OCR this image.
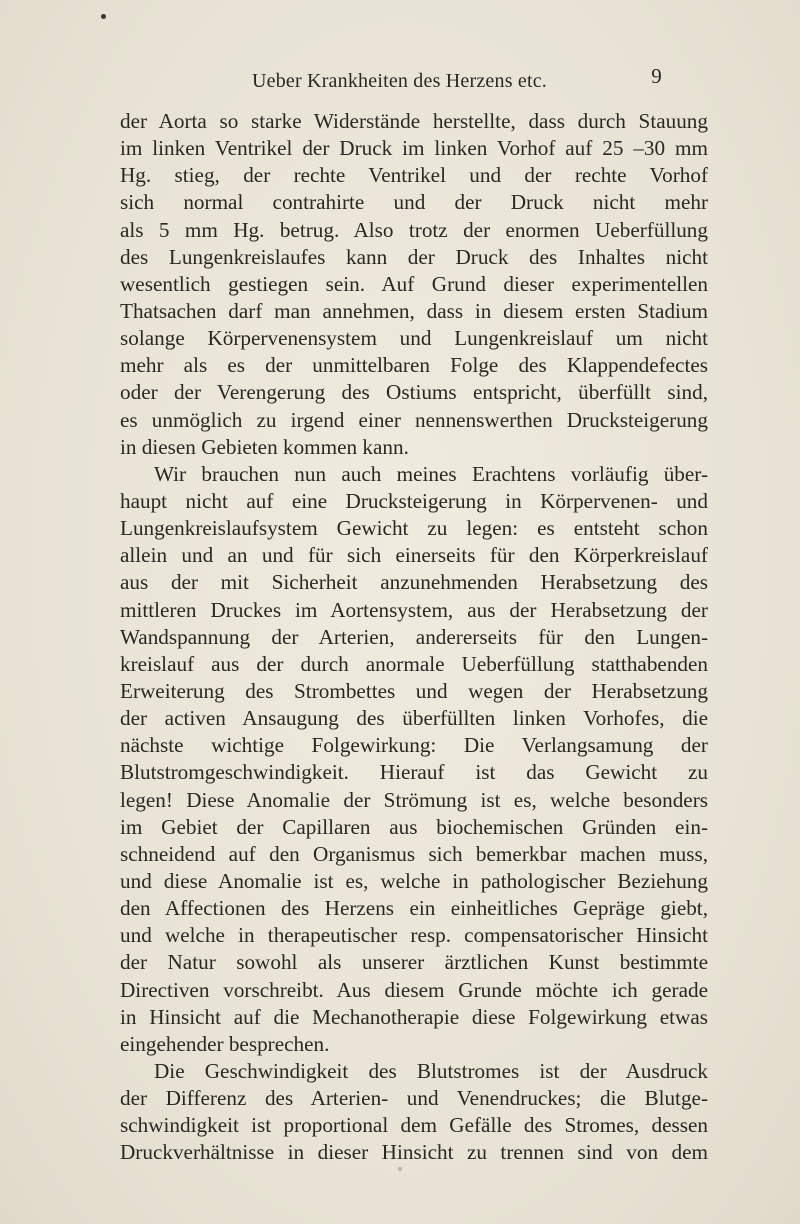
Ueber Krankheiten des Herzens etc.	9
der Aorta so starke Widerstände herstellte, dass durch Stauung
im linken Ventrikel der Druck im linken Vorhof auf 25 –30 mm
Hg. stieg, der rechte Ventrikel und der rechte Vorhof
sich normal contrahirte und der Druck nicht mehr
als 5 mm Hg. betrug. Also trotz der enormen Ueberfüllung
des Lungenkreislaufes kann der Druck des Inhaltes nicht
wesentlich gestiegen sein. Auf Grund dieser experimentellen
Thatsachen darf man annehmen, dass in diesem ersten Stadium
solange Körpervenensystem und Lungenkreislauf um nicht
mehr als es der unmittelbaren Folge des Klappendefectes
oder der Verengerung des Ostiums entspricht, überfüllt sind,
es unmöglich zu irgend einer nennenswerthen Drucksteigerung
in diesen Gebieten kommen kann.
Wir brauchen nun auch meines Erachtens vorläufig über-
haupt nicht auf eine Drucksteigerung in Körpervenen- und
Lungenkreislaufsystem Gewicht zu legen: es entsteht schon
allein und an und für sich einerseits für den Körperkreislauf
aus der mit Sicherheit anzunehmenden Herabsetzung des
mittleren Druckes im Aortensystem, aus der Herabsetzung der
Wandspannung der Arterien, andererseits für den Lungen-
kreislauf aus der durch anormale Ueberfüllung statthabenden
Erweiterung des Strombettes und wegen der Herabsetzung
der activen Ansaugung des überfüllten linken Vorhofes, die
nächste wichtige Folgewirkung: Die Verlangsamung der
Blutstromgeschwindigkeit. Hierauf ist das Gewicht zu
legen! Diese Anomalie der Strömung ist es, welche besonders
im Gebiet der Capillaren aus biochemischen Gründen ein-
schneidend auf den Organismus sich bemerkbar machen muss,
und diese Anomalie ist es, welche in pathologischer Beziehung
den Affectionen des Herzens ein einheitliches Gepräge giebt,
und welche in therapeutischer resp. compensatorischer Hinsicht
der Natur sowohl als unserer ärztlichen Kunst bestimmte
Directiven vorschreibt. Aus diesem Grunde möchte ich gerade
in Hinsicht auf die Mechanotherapie diese Folgewirkung etwas
eingehender besprechen.
Die Geschwindigkeit des Blutstromes ist der Ausdruck
der Differenz des Arterien- und Venendruckes; die Blutge-
schwindigkeit ist proportional dem Gefälle des Stromes, dessen
Druckverhältnisse in dieser Hinsicht zu trennen sind von dem
